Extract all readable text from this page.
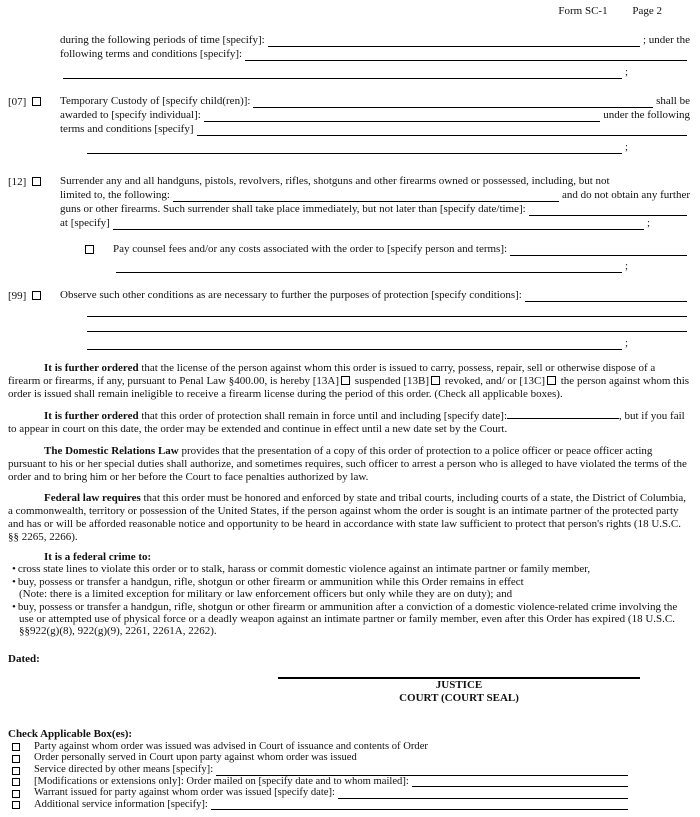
Form SC-1 Page 2
during the following periods of time [specify]:	; under the
following terms and conditions [specify]:
;
[07]	Temporary Custody of [specify child(ren)]:	shall be
awarded to [specify individual]:	under the following
terms and conditions [specify]
;
[12]	Surrender any and all handguns, pistols, revolvers, rifles, shotguns and other firearms owned or possessed, including, but not
limited to, the following:	and do not obtain any further
guns or other firearms. Such surrender shall take place immediately, but not later than [specify date/time]:
at [specify]	;
Pay counsel fees and/or any costs associated with the order to [specify person and terms]:
;
[99]	Observe such other conditions as are necessary to further the purposes of protection [specify conditions]:
;

It is further ordered that the license of the person against whom this order is issued to carry, possess, repair, sell or otherwise dispose of a firearm or firearms, if any, pursuant to Penal Law §400.00, is hereby [13A] suspended [13B] revoked, and/ or [13C] the person against whom this order is issued shall remain ineligible to receive a firearm license during the period of this order. (Check all applicable boxes).

It is further ordered that this order of protection shall remain in force until and including [specify date]:	, but if you fail to appear in court on this date, the order may be extended and continue in effect until a new date set by the Court.

The Domestic Relations Law provides that the presentation of a copy of this order of protection to a police officer or peace officer acting pursuant to his or her special duties shall authorize, and sometimes requires, such officer to arrest a person who is alleged to have violated the terms of the order and to bring him or her before the Court to face penalties authorized by law.

Federal law requires that this order must be honored and enforced by state and tribal courts, including courts of a state, the District of Columbia, a commonwealth, territory or possession of the United States, if the person against whom the order is sought is an intimate partner of the protected party and has or will be afforded reasonable notice and opportunity to be heard in accordance with state law sufficient to protect that person's rights (18 U.S.C. §§ 2265, 2266).

It is a federal crime to:
• cross state lines to violate this order or to stalk, harass or commit domestic violence against an intimate partner or family member,
• buy, possess or transfer a handgun, rifle, shotgun or other firearm or ammunition while this Order remains in effect
(Note: there is a limited exception for military or law enforcement officers but only while they are on duty); and
• buy, possess or transfer a handgun, rifle, shotgun or other firearm or ammunition after a conviction of a domestic violence-related crime involving the use or attempted use of physical force or a deadly weapon against an intimate partner or family member, even after this Order has expired (18 U.S.C. §§922(g)(8), 922(g)(9), 2261, 2261A, 2262).
Dated:
JUSTICE
COURT (COURT SEAL)
Check Applicable Box(es):
Party against whom order was issued was advised in Court of issuance and contents of Order
Order personally served in Court upon party against whom order was issued
Service directed by other means [specify]:
[Modifications or extensions only]: Order mailed on [specify date and to whom mailed]:
Warrant issued for party against whom order was issued [specify date]:
Additional service information [specify]:
